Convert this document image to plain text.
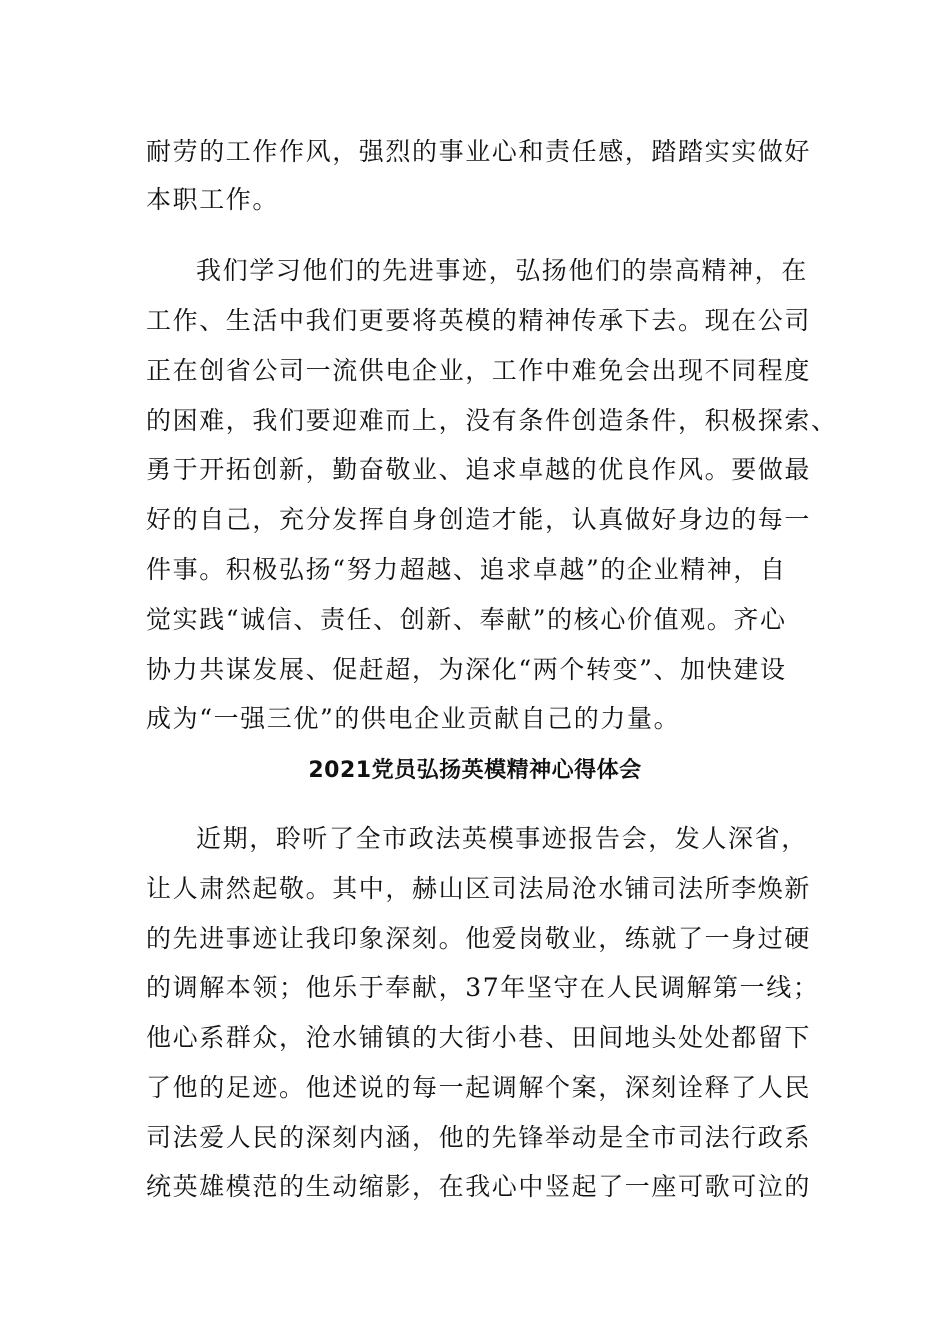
耐劳的工作作风，强烈的事业心和责任感，踏踏实实做好
本职工作。
我们学习他们的先进事迹，弘扬他们的崇高精神，在
工作、生活中我们更要将英模的精神传承下去。现在公司
正在创省公司一流供电企业，工作中难免会出现不同程度
的困难，我们要迎难而上，没有条件创造条件，积极探索、
勇于开拓创新，勤奋敬业、追求卓越的优良作风。要做最
好的自己，充分发挥自身创造才能，认真做好身边的每一
件事。积极弘扬“努力超越、追求卓越”的企业精神，自
觉实践“诚信、责任、创新、奉献”的核心价值观。齐心
协力共谋发展、促赶超，为深化“两个转变”、加快建设
成为“一强三优”的供电企业贡献自己的力量。
2021党员弘扬英模精神心得体会
近期，聆听了全市政法英模事迹报告会，发人深省，
让人肃然起敬。其中，赫山区司法局沧水铺司法所李焕新
的先进事迹让我印象深刻。他爱岗敬业，练就了一身过硬
的调解本领；他乐于奉献，37年坚守在人民调解第一线；
他心系群众，沧水铺镇的大街小巷、田间地头处处都留下
了他的足迹。他述说的每一起调解个案，深刻诠释了人民
司法爱人民的深刻内涵，他的先锋举动是全市司法行政系
统英雄模范的生动缩影，在我心中竖起了一座可歌可泣的
